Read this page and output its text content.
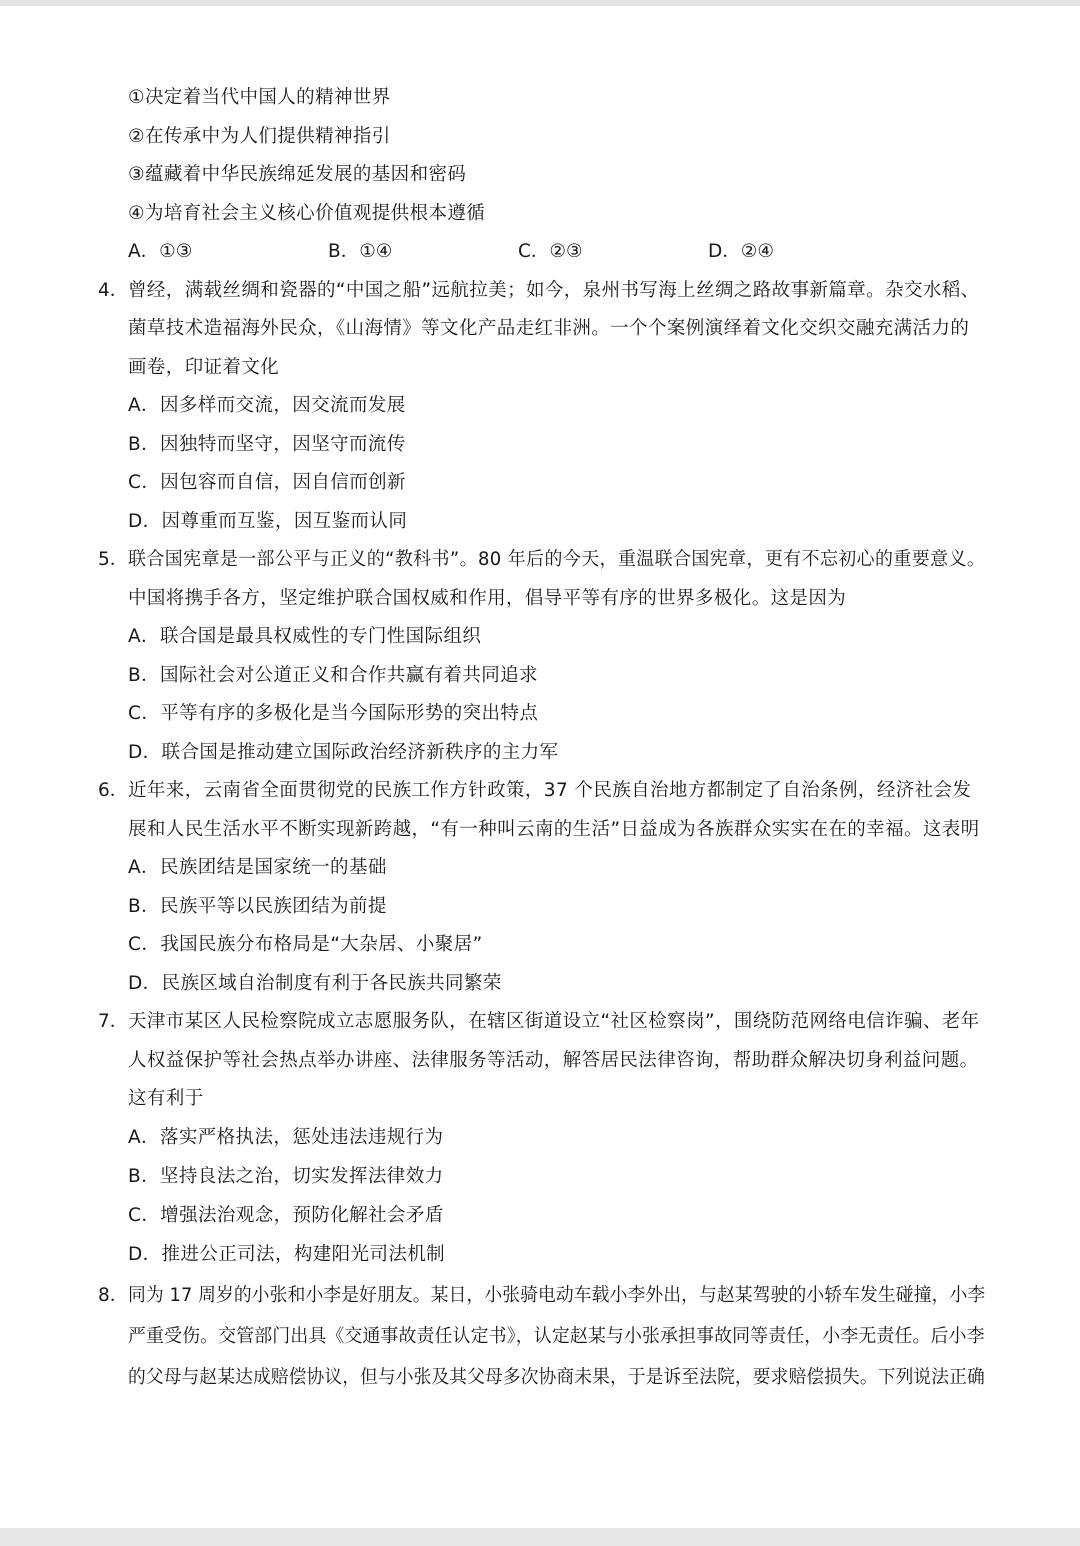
①决定着当代中国人的精神世界
②在传承中为人们提供精神指引
③蕴藏着中华民族绵延发展的基因和密码
④为培育社会主义核心价值观提供根本遵循
A．①③	B．①④	C．②③	D．②④
4． 曾经，满载丝绸和瓷器的“中国之船”远航拉美；如今，泉州书写海上丝绸之路故事新篇章。杂交水稻、
菌草技术造福海外民众，《山海情》等文化产品走红非洲。一个个案例演绎着文化交织交融充满活力的
画卷，印证着文化
A．因多样而交流，因交流而发展
B．因独特而坚守，因坚守而流传
C．因包容而自信，因自信而创新
D．因尊重而互鉴，因互鉴而认同
5． 联合国宪章是一部公平与正义的“教科书”。80 年后的今天，重温联合国宪章，更有不忘初心的重要意义。
中国将携手各方，坚定维护联合国权威和作用，倡导平等有序的世界多极化。这是因为
A．联合国是最具权威性的专门性国际组织
B．国际社会对公道正义和合作共赢有着共同追求
C．平等有序的多极化是当今国际形势的突出特点
D．联合国是推动建立国际政治经济新秩序的主力军
6． 近年来，云南省全面贯彻党的民族工作方针政策，37 个民族自治地方都制定了自治条例，经济社会发
展和人民生活水平不断实现新跨越，“有一种叫云南的生活”日益成为各族群众实实在在的幸福。这表明
A．民族团结是国家统一的基础
B．民族平等以民族团结为前提
C．我国民族分布格局是“大杂居、小聚居”
D．民族区域自治制度有利于各民族共同繁荣
7． 天津市某区人民检察院成立志愿服务队，在辖区街道设立“社区检察岗”，围绕防范网络电信诈骗、老年
人权益保护等社会热点举办讲座、法律服务等活动，解答居民法律咨询，帮助群众解决切身利益问题。
这有利于
A．落实严格执法，惩处违法违规行为
B．坚持良法之治，切实发挥法律效力
C．增强法治观念，预防化解社会矛盾
D．推进公正司法，构建阳光司法机制
8． 同为 17 周岁的小张和小李是好朋友。某日，小张骑电动车载小李外出，与赵某驾驶的小轿车发生碰撞，小李
严重受伤。交管部门出具《交通事故责任认定书》，认定赵某与小张承担事故同等责任，小李无责任。后小李
的父母与赵某达成赔偿协议，但与小张及其父母多次协商未果，于是诉至法院，要求赔偿损失。下列说法正确
